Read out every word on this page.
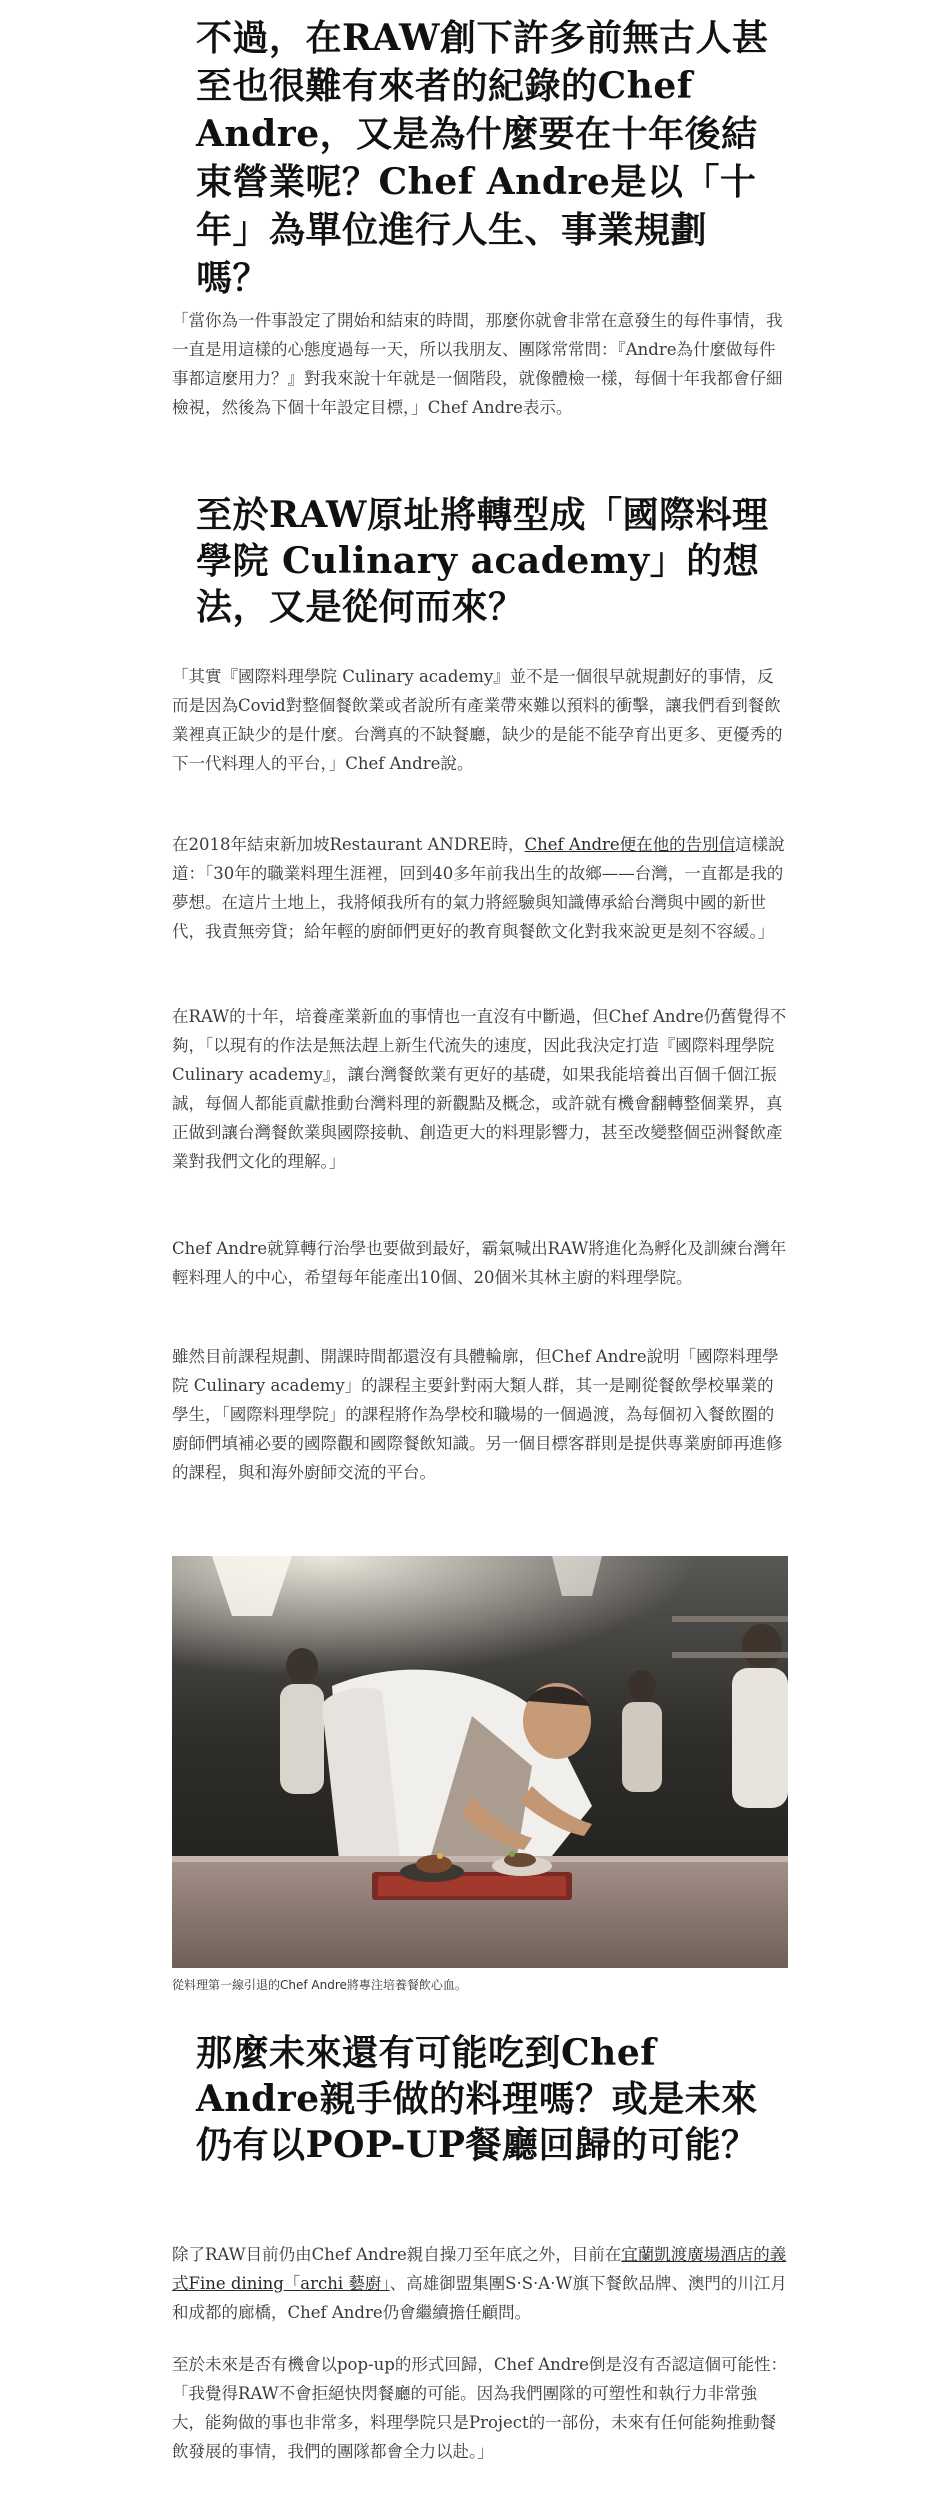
不過，在RAW創下許多前無古人甚至也很難有來者的紀錄的Chef Andre，又是為什麼要在十年後結束營業呢？Chef Andre是以「十年」為單位進行人生、事業規劃嗎？

「當你為一件事設定了開始和結束的時間，那麼你就會非常在意發生的每件事情，我一直是用這樣的心態度過每一天，所以我朋友、團隊常常問：『Andre為什麼做每件事都這麼用力？』對我來說十年就是一個階段，就像體檢一樣，每個十年我都會仔細檢視，然後為下個十年設定目標，」Chef Andre表示。

至於RAW原址將轉型成「國際料理學院 Culinary academy」的想法，又是從何而來？

「其實『國際料理學院 Culinary academy』並不是一個很早就規劃好的事情，反而是因為Covid對整個餐飲業或者說所有產業帶來難以預料的衝擊，讓我們看到餐飲業裡真正缺少的是什麼。台灣真的不缺餐廳，缺少的是能不能孕育出更多、更優秀的下一代料理人的平台，」Chef Andre說。

在2018年結束新加坡Restaurant ANDRE時，Chef Andre便在他的告別信這樣說道：「30年的職業料理生涯裡，回到40多年前我出生的故鄉——台灣，一直都是我的夢想。在這片土地上，我將傾我所有的氣力將經驗與知識傳承給台灣與中國的新世代，我責無旁貸；給年輕的廚師們更好的教育與餐飲文化對我來說更是刻不容緩。」

在RAW的十年，培養產業新血的事情也一直沒有中斷過，但Chef Andre仍舊覺得不夠，「以現有的作法是無法趕上新生代流失的速度，因此我決定打造『國際料理學院 Culinary academy』，讓台灣餐飲業有更好的基礎，如果我能培養出百個千個江振誠，每個人都能貢獻推動台灣料理的新觀點及概念，或許就有機會翻轉整個業界，真正做到讓台灣餐飲業與國際接軌、創造更大的料理影響力，甚至改變整個亞洲餐飲產業對我們文化的理解。」

Chef Andre就算轉行治學也要做到最好，霸氣喊出RAW將進化為孵化及訓練台灣年輕料理人的中心，希望每年能產出10個、20個米其林主廚的料理學院。

雖然目前課程規劃、開課時間都還沒有具體輪廓，但Chef Andre說明「國際料理學院 Culinary academy」的課程主要針對兩大類人群，其一是剛從餐飲學校畢業的學生，「國際料理學院」的課程將作為學校和職場的一個過渡，為每個初入餐飲圈的廚師們填補必要的國際觀和國際餐飲知識。另一個目標客群則是提供專業廚師再進修的課程，與和海外廚師交流的平台。

從料理第一線引退的Chef Andre將專注培養餐飲心血。
那麼未來還有可能吃到Chef Andre親手做的料理嗎？或是未來仍有以POP-UP餐廳回歸的可能？

除了RAW目前仍由Chef Andre親自操刀至年底之外，目前在宜蘭凱渡廣場酒店的義式Fine dining「archi 藝廚」、高雄御盟集團S‧S‧A‧W旗下餐飲品牌、澳門的川江月和成都的廊橋，Chef Andre仍會繼續擔任顧問。

至於未來是否有機會以pop-up的形式回歸，Chef Andre倒是沒有否認這個可能性：「我覺得RAW不會拒絕快閃餐廳的可能。因為我們團隊的可塑性和執行力非常強大，能夠做的事也非常多，料理學院只是Project的一部份，未來有任何能夠推動餐飲發展的事情，我們的團隊都會全力以赴。」
